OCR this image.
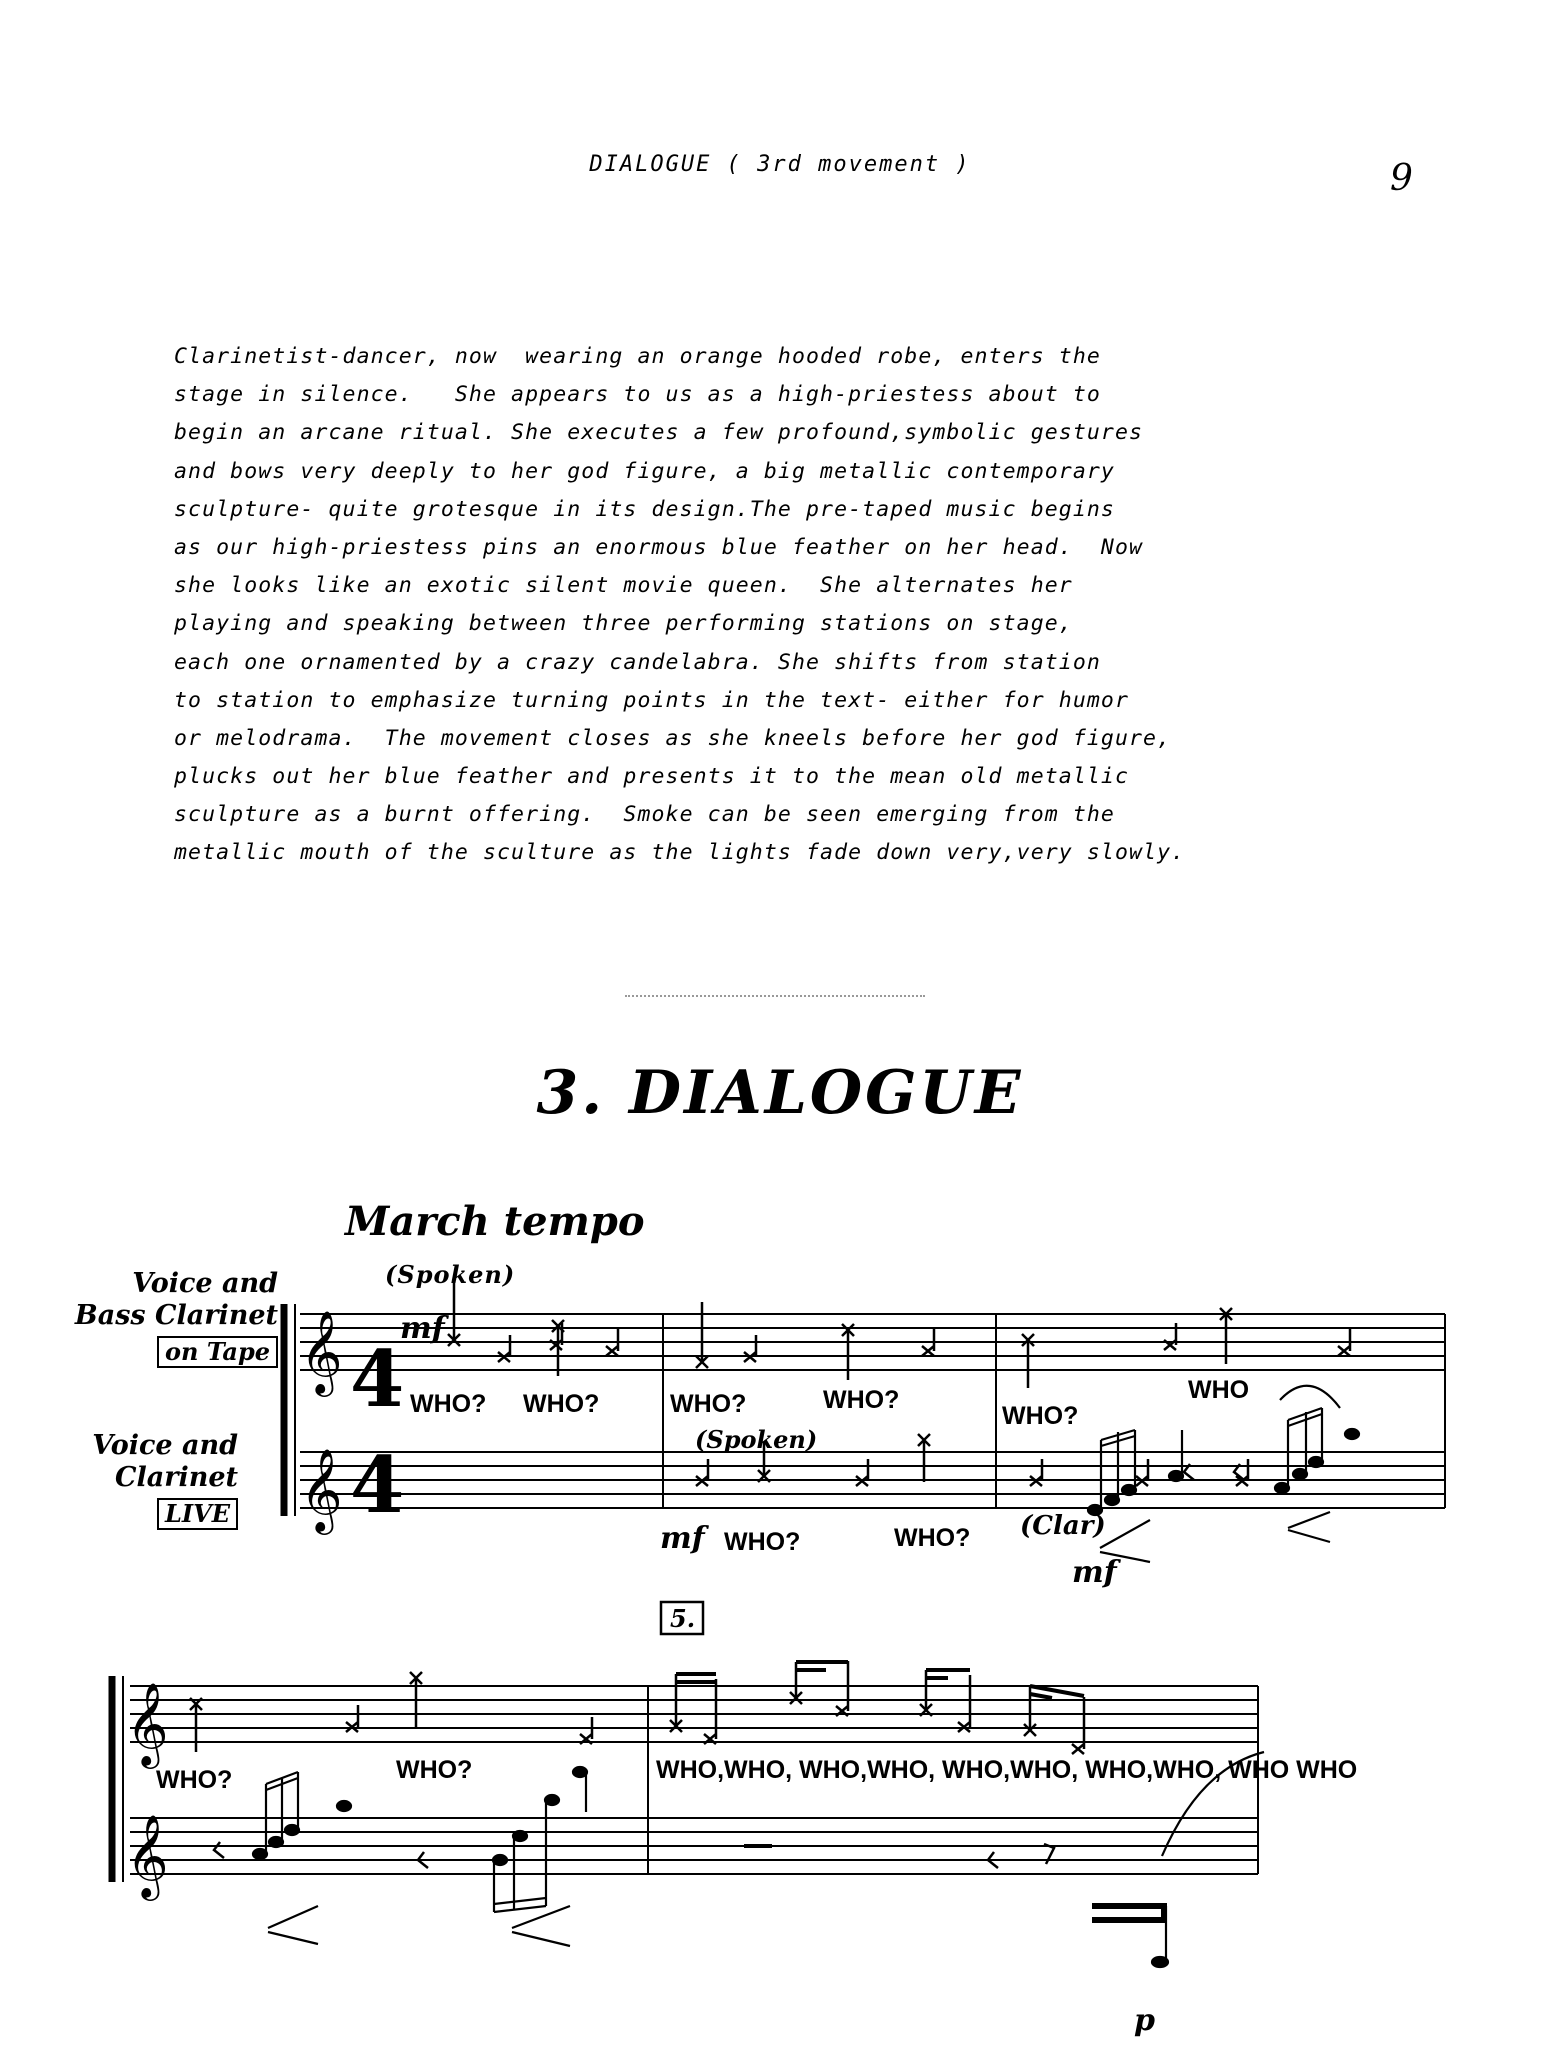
DIALOGUE ( 3rd movement )	9
Clarinetist-dancer, now  wearing an orange hooded robe, enters the
stage in silence.   She appears to us as a high-priestess about to
begin an arcane ritual. She executes a few profound,symbolic gestures
and bows very deeply to her god figure, a big metallic contemporary
sculpture- quite grotesque in its design.The pre-taped music begins
as our high-priestess pins an enormous blue feather on her head.  Now
she looks like an exotic silent movie queen.  She alternates her
playing and speaking between three performing stations on stage,
each one ornamented by a crazy candelabra. She shifts from station
to station to emphasize turning points in the text- either for humor
or melodrama.  The movement closes as she kneels before her god figure,
plucks out her blue feather and presents it to the mean old metallic
sculpture as a burnt offering.  Smoke can be seen emerging from the
metallic mouth of the sculture as the lights fade down very,very slowly.
3. DIALOGUE
March tempo
(Spoken)
Voice and
Bass Clarinet
on Tape
Voice and
Clarinet
LIVE
𝄞
𝄞
4
4
WHO? WHO?	WHO?	WHO?
WHO?
WHO
WHO?	WHO?
(Spoken)
(Clar)
mf
mf
mf
𝄞
𝄞
5.
WHO?	WHO?	WHO,WHO, WHO,WHO, WHO,WHO, WHO,WHO, WHO WHO
p
